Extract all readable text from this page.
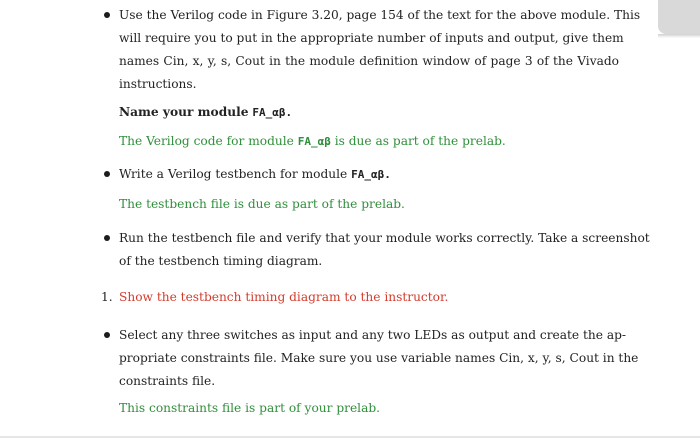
Use the Verilog code in Figure 3.20, page 154 of the text for the above module. This
will require you to put in the appropriate number of inputs and output, give them
names Cin, x, y, s, Cout in the module definition window of page 3 of the Vivado
instructions.
Name your module FA_αβ.
The Verilog code for module FA_αβ is due as part of the prelab.
Write a Verilog testbench for module FA_αβ.
The testbench file is due as part of the prelab.
Run the testbench file and verify that your module works correctly. Take a screenshot
of the testbench timing diagram.
1. Show the testbench timing diagram to the instructor.
Select any three switches as input and any two LEDs as output and create the ap-
propriate constraints file. Make sure you use variable names Cin, x, y, s, Cout in the
constraints file.
This constraints file is part of your prelab.
